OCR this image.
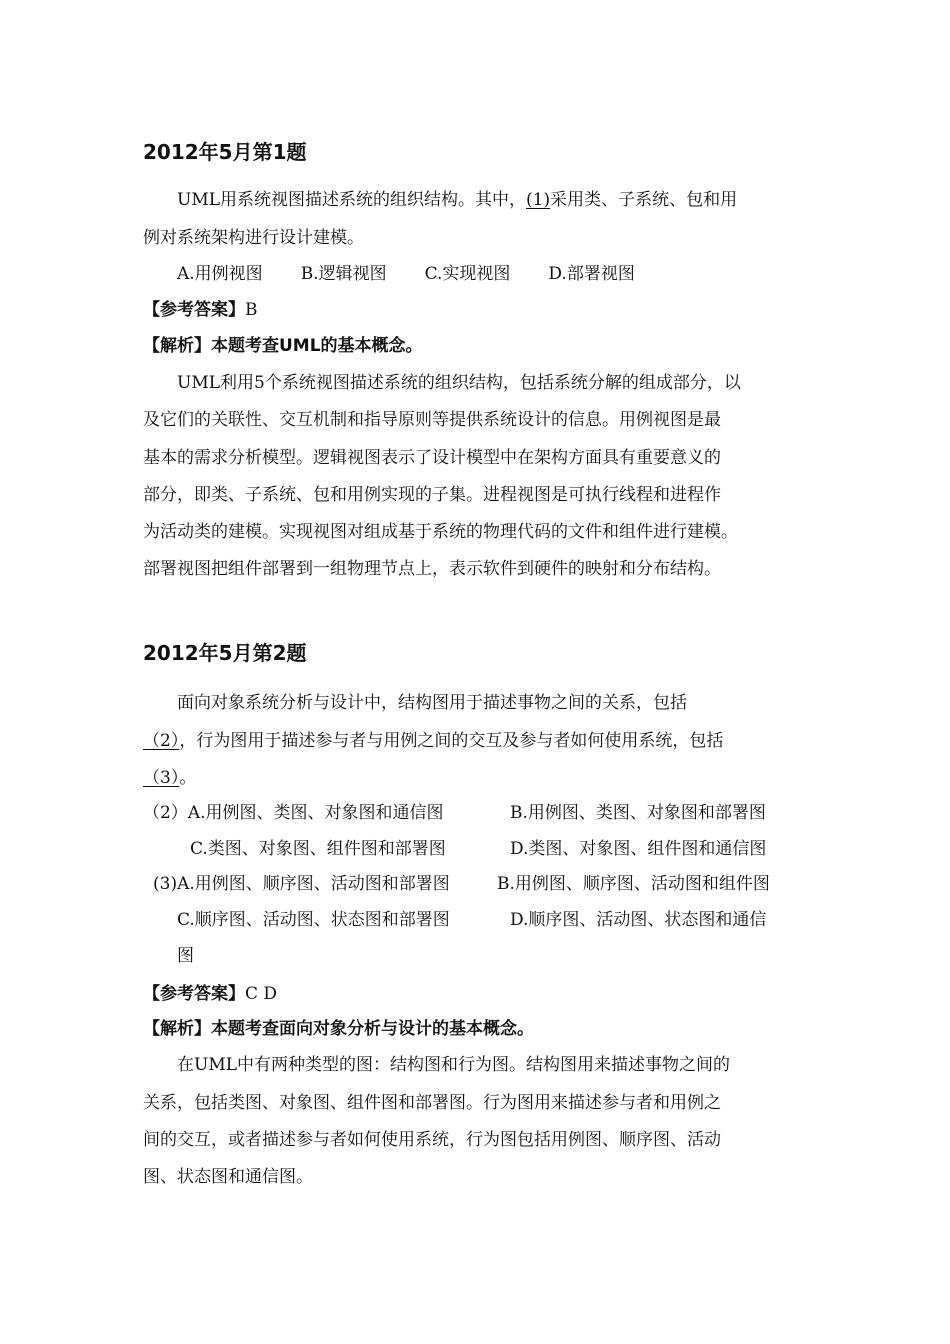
2012年5月第1题
UML用系统视图描述系统的组织结构。其中，(1)采用类、子系统、包和用
例对系统架构进行设计建模。
A.用例视图 B.逻辑视图 C.实现视图 D.部署视图
【参考答案】B
【解析】本题考查UML的基本概念。
UML利用5个系统视图描述系统的组织结构，包括系统分解的组成部分，以
及它们的关联性、交互机制和指导原则等提供系统设计的信息。用例视图是最
基本的需求分析模型。逻辑视图表示了设计模型中在架构方面具有重要意义的
部分，即类、子系统、包和用例实现的子集。进程视图是可执行线程和进程作
为活动类的建模。实现视图对组成基于系统的物理代码的文件和组件进行建模。
部署视图把组件部署到一组物理节点上，表示软件到硬件的映射和分布结构。
2012年5月第2题
面向对象系统分析与设计中，结构图用于描述事物之间的关系，包括
（2），行为图用于描述参与者与用例之间的交互及参与者如何使用系统，包括
（3）。
（2）A.用例图、类图、对象图和通信图	B.用例图、类图、对象图和部署图
C.类图、对象图、组件图和部署图	D.类图、对象图、组件图和通信图
(3)A.用例图、顺序图、活动图和部署图	B.用例图、顺序图、活动图和组件图
C.顺序图、活动图、状态图和部署图	D.顺序图、活动图、状态图和通信
图
【参考答案】C D
【解析】本题考查面向对象分析与设计的基本概念。
在UML中有两种类型的图：结构图和行为图。结构图用来描述事物之间的
关系，包括类图、对象图、组件图和部署图。行为图用来描述参与者和用例之
间的交互，或者描述参与者如何使用系统，行为图包括用例图、顺序图、活动
图、状态图和通信图。
